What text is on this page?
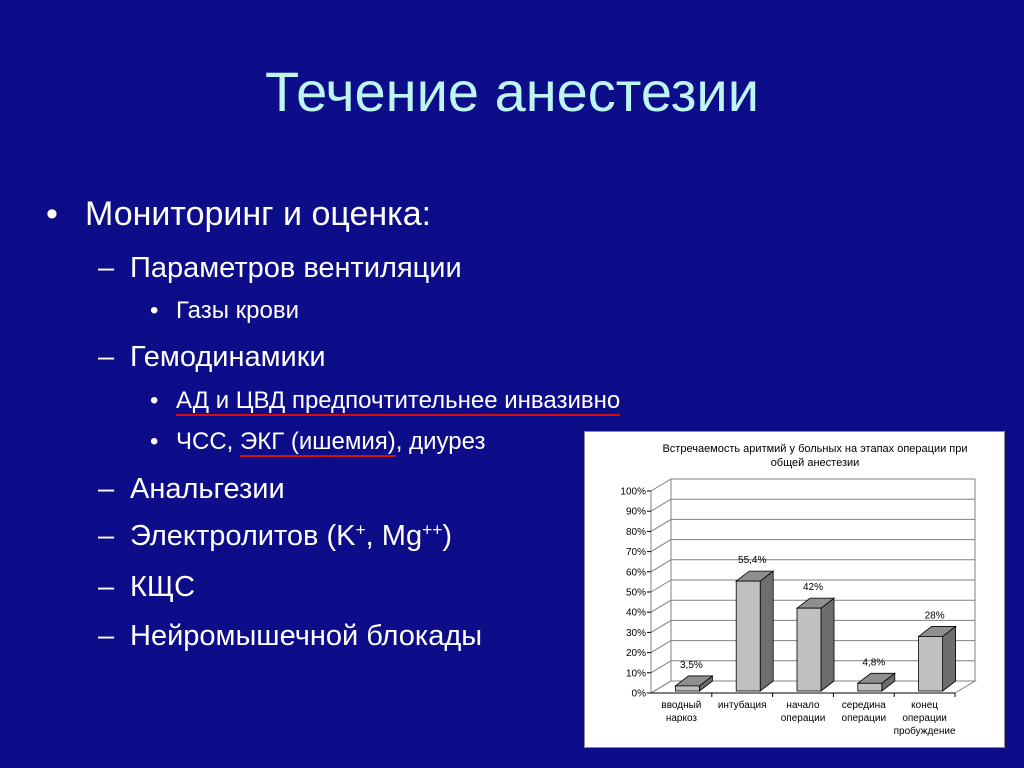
Течение анестезии
• Мониторинг и оценка:
– Параметров вентиляции
• Газы крови
– Гемодинамики
• АД и ЦВД предпочтительнее инвазивно
• ЧСС, ЭКГ (ишемия), диурез
– Анальгезии
– Электролитов (K+, Mg++)
– КЩС
– Нейромышечной блокады
Встречаемость аритмий у больных на этапах операции при общей анестезии
0%
10%
20%
30%
40%
50%
60%
70%
80%
90%
100%
3,5%
вводный
наркоз
55,4%
интубация
42%
начало
операции
4,8%
середина
операции
28%
конец
операции
пробуждение
